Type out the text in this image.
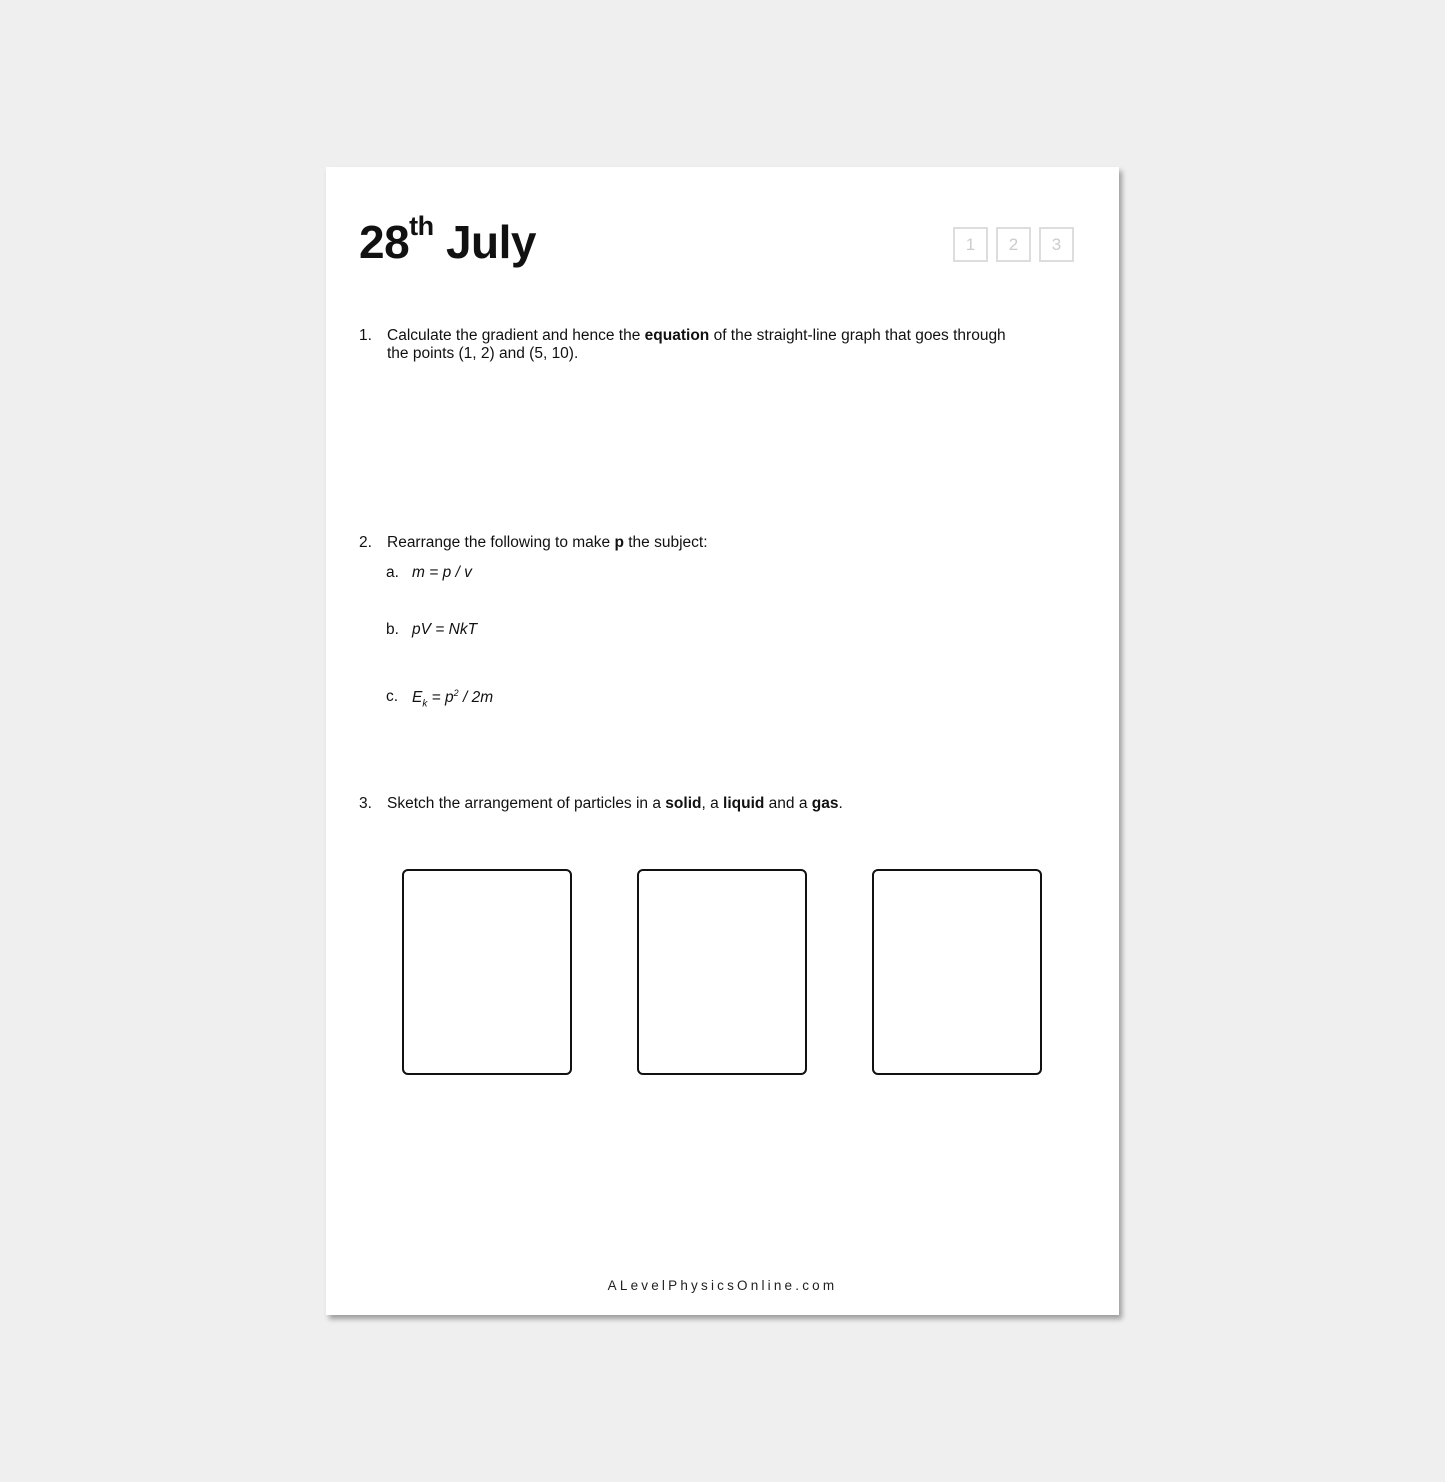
28th July	1	2	3
1. Calculate the gradient and hence the equation of the straight-line graph that goes through the points (1, 2) and (5, 10).
2. Rearrange the following to make p the subject:
a. m = p / v
b. pV = NkT
c. $E_k = p^2 / 2m$
3. Sketch the arrangement of particles in a solid, a liquid and a gas.
ALevelPhysicsOnline.com
